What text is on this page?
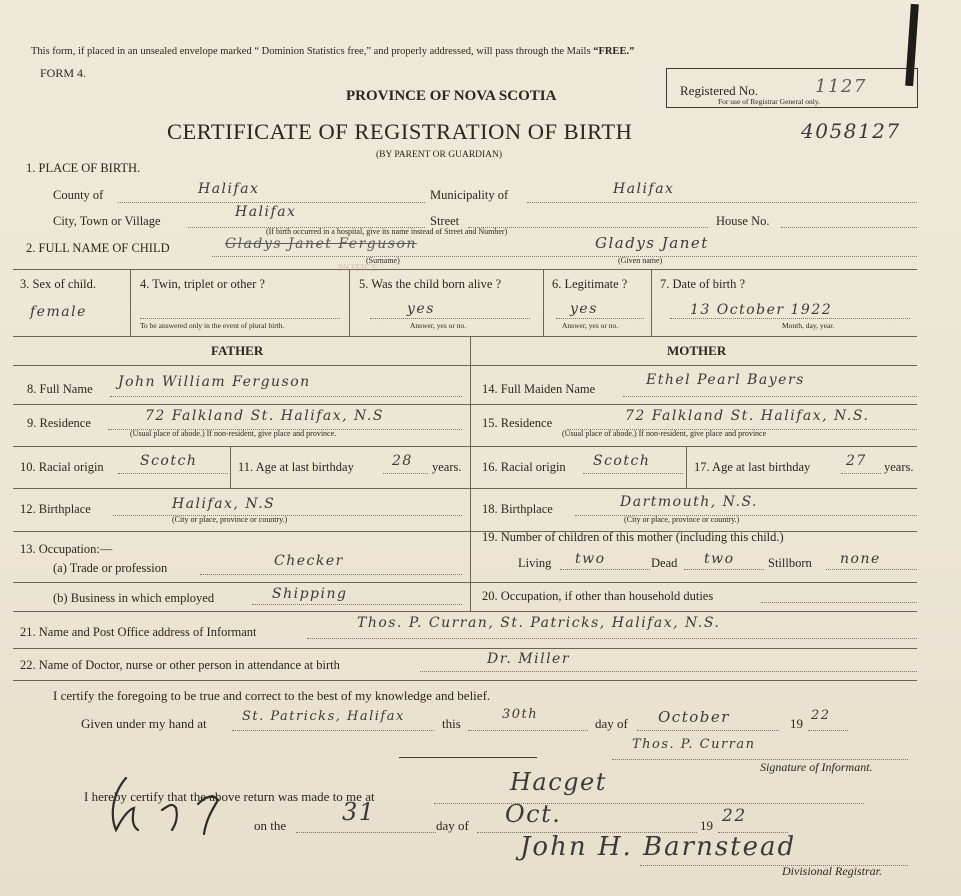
This form, if placed in an unsealed envelope marked “ Dominion Statistics free,” and properly addressed, will pass through the Mails “FREE.”
FORM 4.
Registered No.	1127
For use of Registrar General only.
PROVINCE OF NOVA SCOTIA
CERTIFICATE OF REGISTRATION OF BIRTH
(BY PARENT OR GUARDIAN)
4058127
1. PLACE OF BIRTH.
County of	Halifax	Municipality of	Halifax
City, Town or Village
Halifax
Street
(If birth occurred in a hospital, give its name instead of Street and Number)
House No.
2. FULL NAME OF CHILD	Gladys Janet Ferguson
(Surname)
Gladys Janet
(Given name)
3. Sex of child.
female
4. Twin, triplet or other ?
To be answered only in the event of plural birth.
5. Was the child born alive ?
yes
Answer, yes or no.
6. Legitimate ?
yes
Answer, yes or no.
7. Date of birth ?
13 October 1922
Month, day, year.
NOTICE
FATHER	MOTHER
8. Full Name John William Ferguson
9. Residence	72 Falkland St. Halifax, N.S
(Usual place of abode.) If non-resident, give place and province.
10. Racial origin	Scotch	11. Age at last birthday	28 years.
12. Birthplace	Halifax, N.S
(City or place, province or country.)
13. Occupation:—
(a) Trade or profession	Checker
(b) Business in which employed	Shipping
14. Full Maiden Name
Ethel Pearl Bayers
15. Residence	72 Falkland St. Halifax, N.S.
(Usual place of abode.) If non-resident, give place and province
16. Racial origin Scotch	17. Age at last birthday	27 years.
18. Birthplace	Dartmouth, N.S.
(City or place, province or country.)
19. Number of children of this mother (including this child.)
Living two	Dead two	Stillborn none
20. Occupation, if other than household duties
21. Name and Post Office address of Informant
Thos. P. Curran, St. Patricks, Halifax, N.S.
22. Name of Doctor, nurse or other person in attendance at birth	Dr. Miller
I certify the foregoing to be true and correct to the best of my knowledge and belief.
Given under my hand at	St. Patricks, Halifax	this
30th
day of October	19
22
Thos. P. Curran
Signature of Informant.
I hereby certify that the above return was made to me at
Hacget
on the 31	day of Oct.	19 22
John H. Barnstead
Divisional Registrar.
